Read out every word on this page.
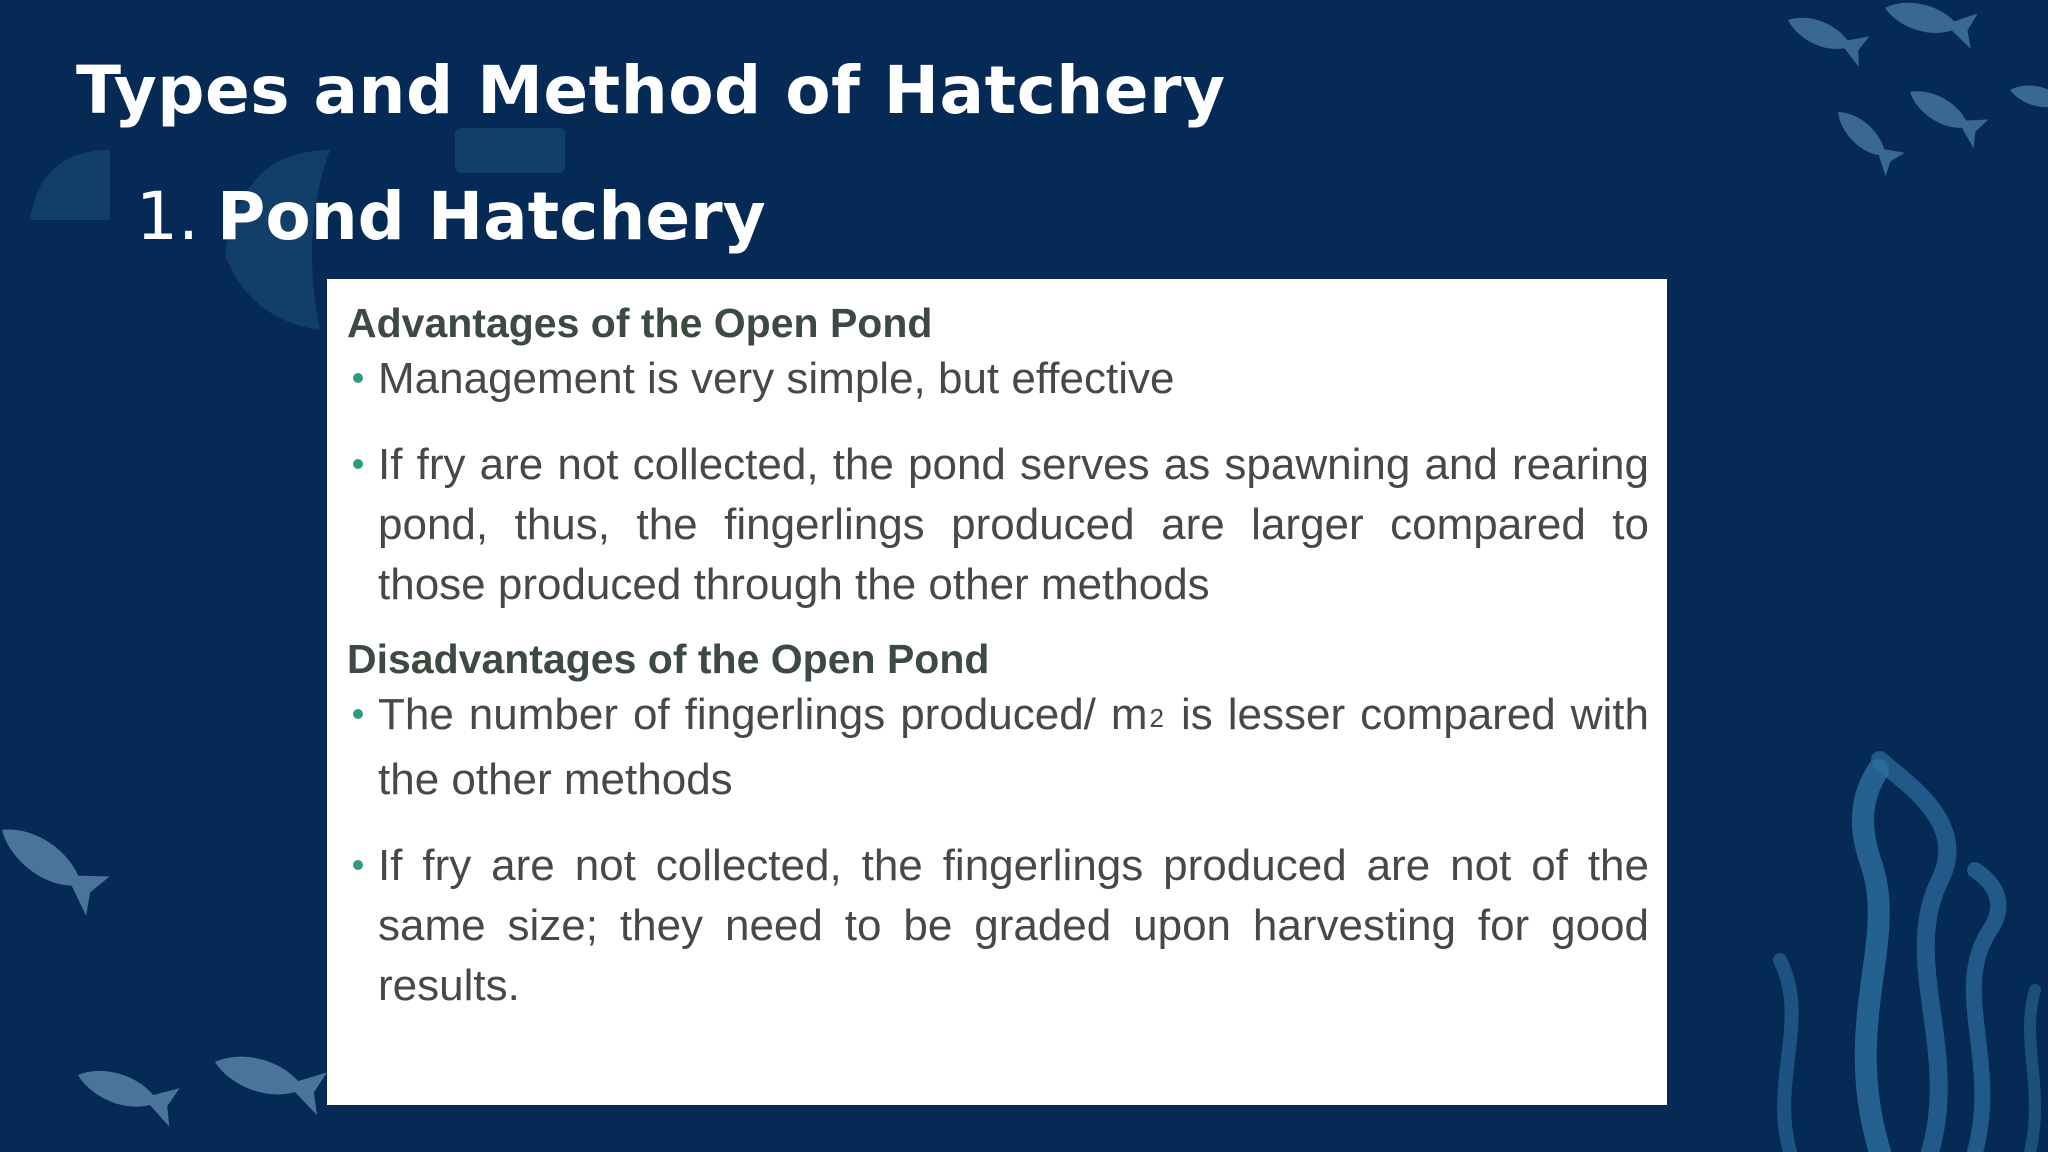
Types and Method of Hatchery
1. Pond Hatchery

Advantages of the Open Pond

Management is very simple, but effective
If fry are not collected, the pond serves as spawning and rearing pond, thus, the fingerlings produced are larger compared to those produced through the other methods

Disadvantages of the Open Pond

The number of fingerlings produced/ $m_2$ is lesser compared with the other methods
If fry are not collected, the fingerlings produced are not of the same size; they need to be graded upon harvesting for good results.
